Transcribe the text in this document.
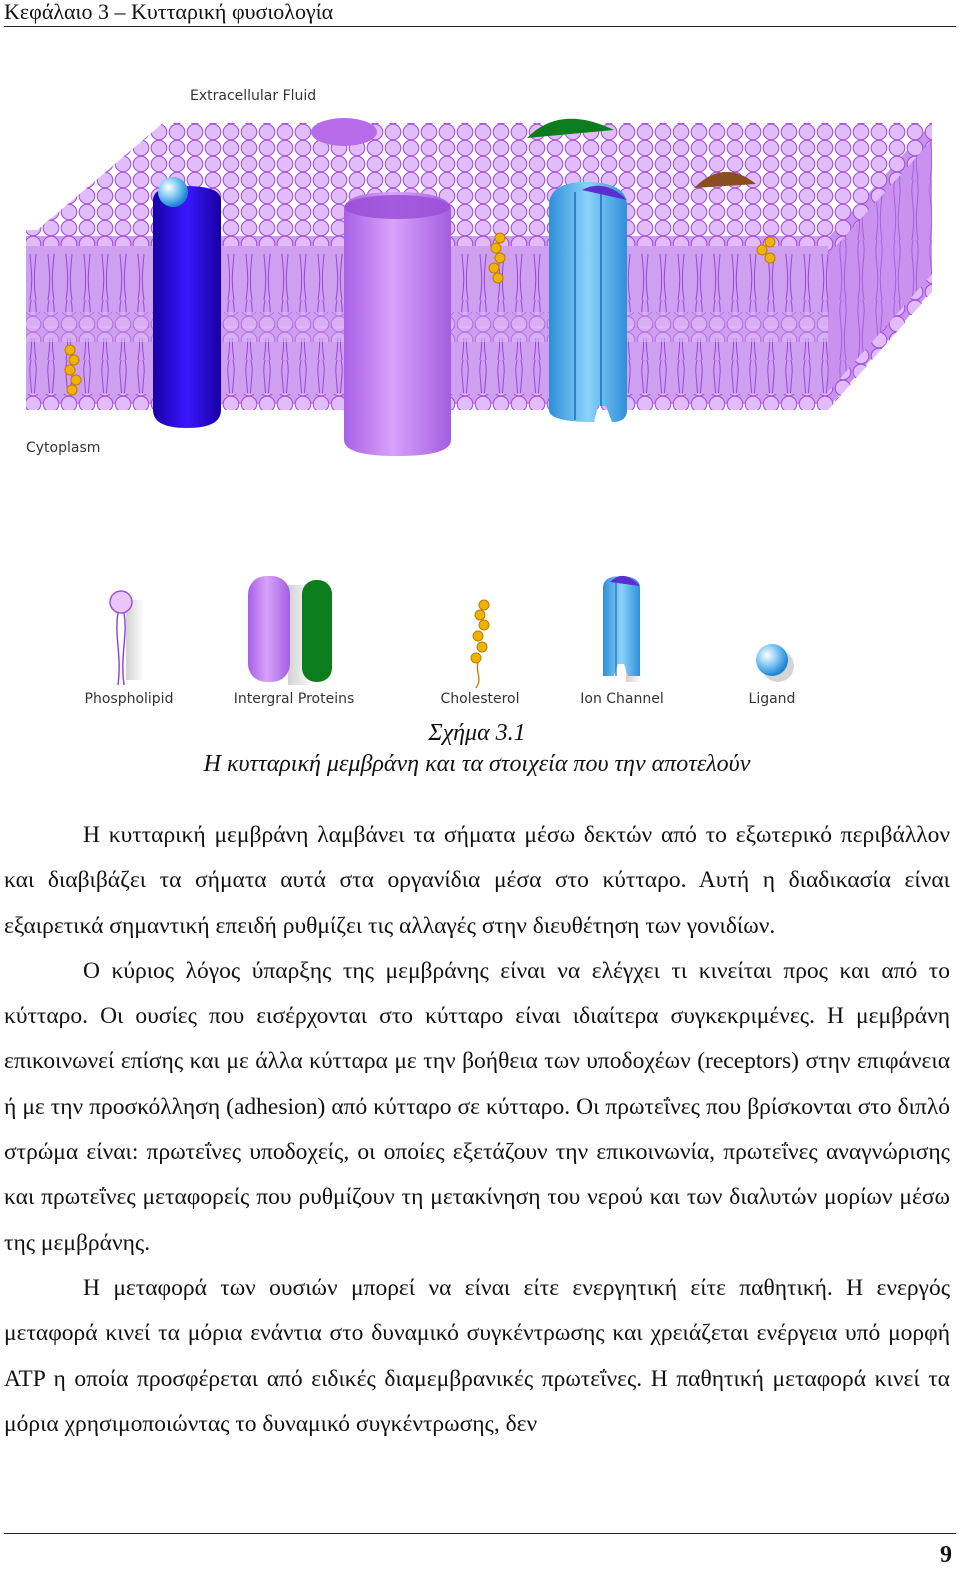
Κεφάλαιο 3 – Κυτταρική φυσιολογία
Extracellular Fluid
Cytoplasm
Phospholipid	Intergral Proteins	Cholesterol	Ion Channel	Ligand
Σχήμα 3.1
Η κυτταρική μεμβράνη και τα στοιχεία που την αποτελούν

Η κυτταρική μεμβράνη λαμβάνει τα σήματα μέσω δεκτών από το εξωτερικό περιβάλλον και διαβιβάζει τα σήματα αυτά στα οργανίδια μέσα στο κύτταρο. Αυτή η διαδικασία είναι εξαιρετικά σημαντική επειδή ρυθμίζει τις αλλαγές στην διευθέτηση των γονιδίων.

Ο κύριος λόγος ύπαρξης της μεμβράνης είναι να ελέγχει τι κινείται προς και από το κύτταρο. Οι ουσίες που εισέρχονται στο κύτταρο είναι ιδιαίτερα συγκεκριμένες. Η μεμβράνη επικοινωνεί επίσης και με άλλα κύτταρα με την βοήθεια των υποδοχέων (receptors) στην επιφάνεια ή με την προσκόλληση (adhesion) από κύτταρο σε κύτταρο. Οι πρωτεΐνες που βρίσκονται στο διπλό στρώμα είναι: πρωτεΐνες υποδοχείς, οι οποίες εξετάζουν την επικοινωνία, πρωτεΐνες αναγνώρισης και πρωτεΐνες μεταφορείς που ρυθμίζουν τη μετακίνηση του νερού και των διαλυτών μορίων μέσω της μεμβράνης.

Η μεταφορά των ουσιών μπορεί να είναι είτε ενεργητική είτε παθητική. Η ενεργός μεταφορά κινεί τα μόρια ενάντια στο δυναμικό συγκέντρωσης και χρειάζεται ενέργεια υπό μορφή ATP η οποία προσφέρεται από ειδικές διαμεμβρανικές πρωτεΐνες. Η παθητική μεταφορά κινεί τα μόρια χρησιμοποιώντας το δυναμικό συγκέντρωσης, δεν

9
